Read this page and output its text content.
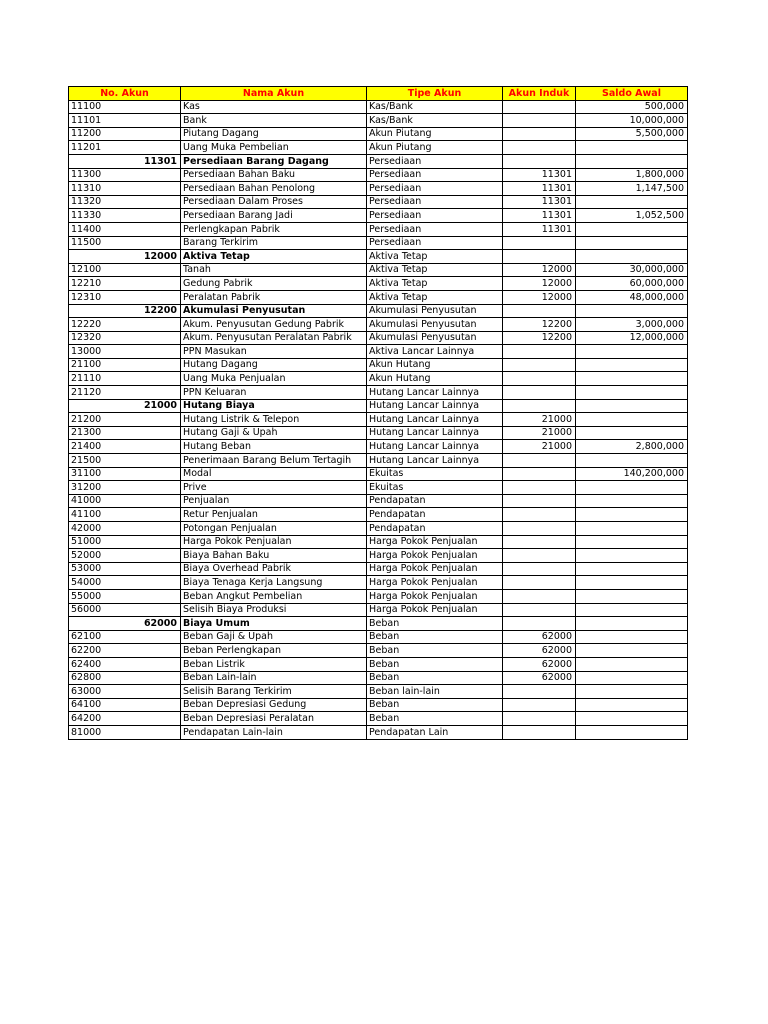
No. Akun	Nama Akun	Tipe Akun	Akun Induk	Saldo Awal
11100	Kas	Kas/Bank		500,000
11101	Bank	Kas/Bank		10,000,000
11200	Piutang Dagang	Akun Piutang		5,500,000
11201	Uang Muka Pembelian	Akun Piutang		
11301	Persediaan Barang Dagang	Persediaan		
11300	Persediaan Bahan Baku	Persediaan	11301	1,800,000
11310	Persediaan Bahan Penolong	Persediaan	11301	1,147,500
11320	Persediaan Dalam Proses	Persediaan	11301	
11330	Persediaan Barang Jadi	Persediaan	11301	1,052,500
11400	Perlengkapan Pabrik	Persediaan	11301	
11500	Barang Terkirim	Persediaan		
12000	Aktiva Tetap	Aktiva Tetap		
12100	Tanah	Aktiva Tetap	12000	30,000,000
12210	Gedung Pabrik	Aktiva Tetap	12000	60,000,000
12310	Peralatan Pabrik	Aktiva Tetap	12000	48,000,000
12200	Akumulasi Penyusutan	Akumulasi Penyusutan		
12220	Akum. Penyusutan Gedung Pabrik	Akumulasi Penyusutan	12200	3,000,000
12320	Akum. Penyusutan Peralatan Pabrik	Akumulasi Penyusutan	12200	12,000,000
13000	PPN Masukan	Aktiva Lancar Lainnya		
21100	Hutang Dagang	Akun Hutang		
21110	Uang Muka Penjualan	Akun Hutang		
21120	PPN Keluaran	Hutang Lancar Lainnya		
21000	Hutang Biaya	Hutang Lancar Lainnya		
21200	Hutang Listrik & Telepon	Hutang Lancar Lainnya	21000	
21300	Hutang Gaji & Upah	Hutang Lancar Lainnya	21000	
21400	Hutang Beban	Hutang Lancar Lainnya	21000	2,800,000
21500	Penerimaan Barang Belum Tertagih	Hutang Lancar Lainnya		
31100	Modal	Ekuitas		140,200,000
31200	Prive	Ekuitas		
41000	Penjualan	Pendapatan		
41100	Retur Penjualan	Pendapatan		
42000	Potongan Penjualan	Pendapatan		
51000	Harga Pokok Penjualan	Harga Pokok Penjualan		
52000	Biaya Bahan Baku	Harga Pokok Penjualan		
53000	Biaya Overhead Pabrik	Harga Pokok Penjualan		
54000	Biaya Tenaga Kerja Langsung	Harga Pokok Penjualan		
55000	Beban Angkut Pembelian	Harga Pokok Penjualan		
56000	Selisih Biaya Produksi	Harga Pokok Penjualan		
62000	Biaya Umum	Beban		
62100	Beban Gaji & Upah	Beban	62000	
62200	Beban Perlengkapan	Beban	62000	
62400	Beban Listrik	Beban	62000	
62800	Beban Lain-lain	Beban	62000	
63000	Selisih Barang Terkirim	Beban lain-lain		
64100	Beban Depresiasi Gedung	Beban		
64200	Beban Depresiasi Peralatan	Beban		
81000	Pendapatan Lain-lain	Pendapatan Lain		
